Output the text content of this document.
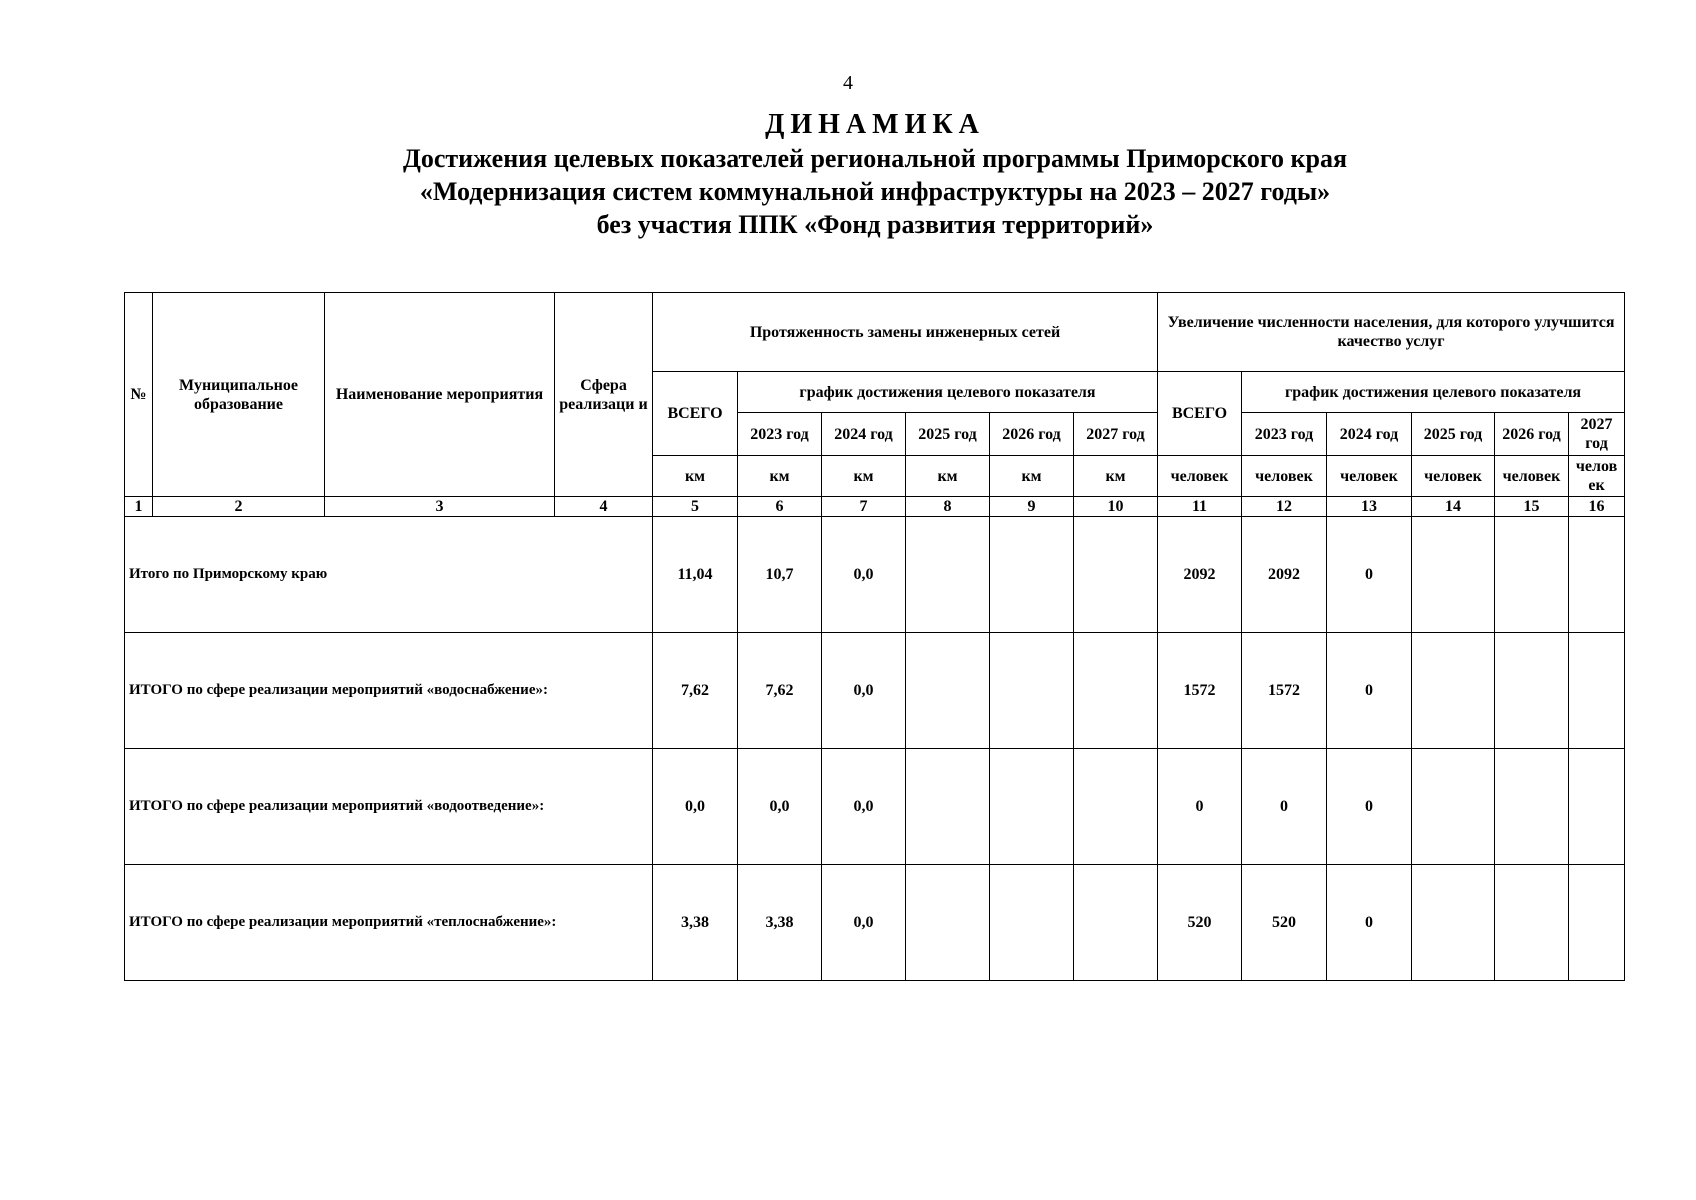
4
ДИНАМИКА
Достижения целевых показателей региональной программы Приморского края
«Модернизация систем коммунальной инфраструктуры на 2023 – 2027 годы»
без участия ППК «Фонд развития территорий»
№	Муниципальное образование	Наименование мероприятия	Сфера реализаци и	Протяженность замены инженерных сетей						Увеличение численности населения, для которого улучшится качество услуг					
				ВСЕГО	график достижения целевого показателя					ВСЕГО	график достижения целевого показателя				
					2023 год	2024 год	2025 год	2026 год	2027 год		2023 год	2024 год	2025 год	2026 год	2027 год
				км	км	км	км	км	км	человек	человек	человек	человек	человек	челов ек
1	2	3	4	5	6	7	8	9	10	11	12	13	14	15	16
Итого по Приморскому краю				11,04	10,7	0,0				2092	2092	0			
ИТОГО по сфере реализации мероприятий «водоснабжение»:				7,62	7,62	0,0				1572	1572	0			
ИТОГО по сфере реализации мероприятий «водоотведение»:				0,0	0,0	0,0				0	0	0			
ИТОГО по сфере реализации мероприятий «теплоснабжение»:				3,38	3,38	0,0				520	520	0			
